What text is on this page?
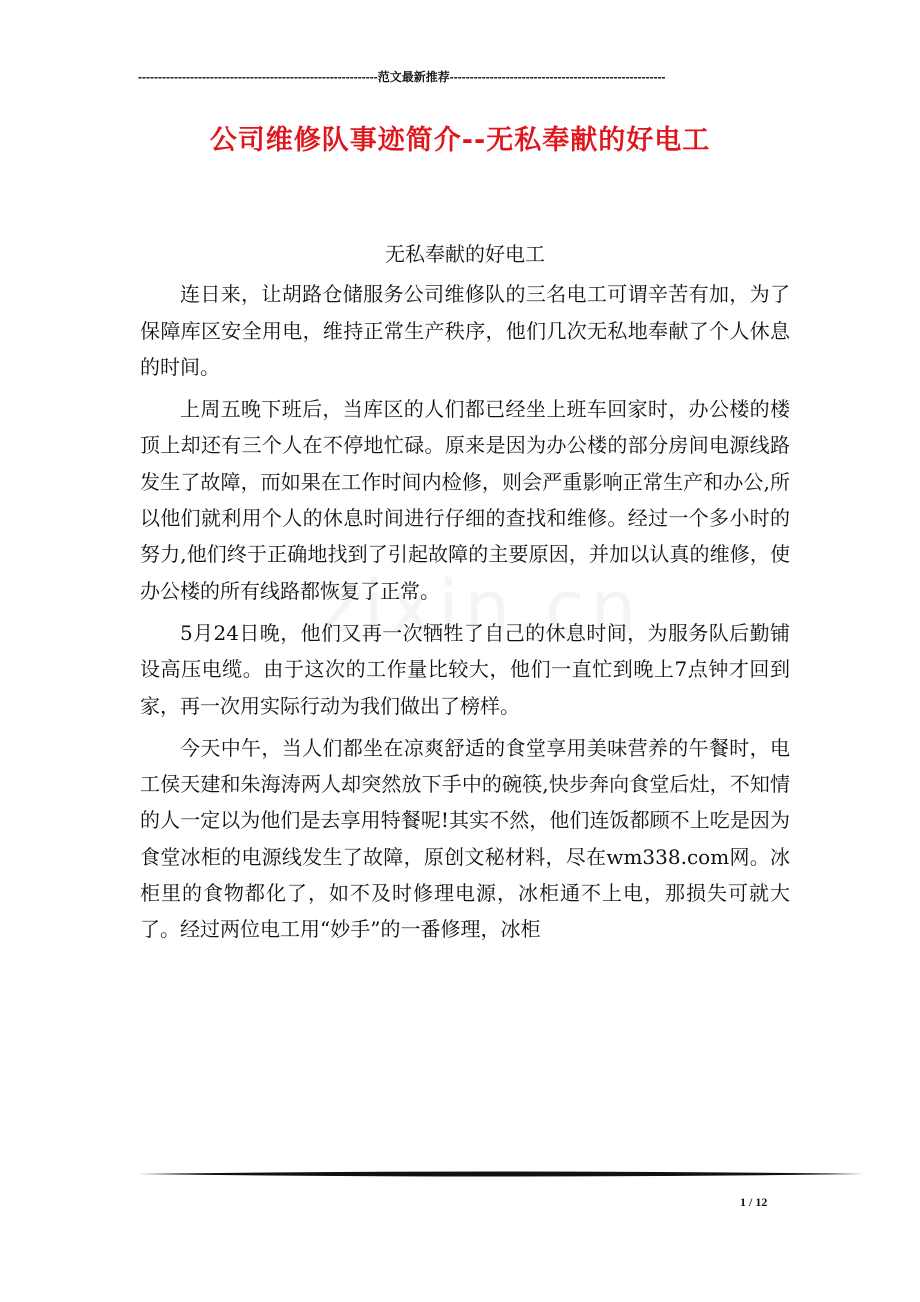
------------------------------------------------------------范文最新推荐------------------------------------------------------
公司维修队事迹简介--无私奉献的好电工

无私奉献的好电工

连日来，让胡路仓储服务公司维修队的三名电工可谓辛苦有加，为了保障库区安全用电，维持正常生产秩序，他们几次无私地奉献了个人休息的时间。

上周五晚下班后，当库区的人们都已经坐上班车回家时，办公楼的楼顶上却还有三个人在不停地忙碌。原来是因为办公楼的部分房间电源线路发生了故障，而如果在工作时间内检修，则会严重影响正常生产和办公,所以他们就利用个人的休息时间进行仔细的查找和维修。经过一个多小时的努力,他们终于正确地找到了引起故障的主要原因，并加以认真的维修，使办公楼的所有线路都恢复了正常。

5月24日晚，他们又再一次牺牲了自己的休息时间，为服务队后勤铺设高压电缆。由于这次的工作量比较大，他们一直忙到晚上7点钟才回到家，再一次用实际行动为我们做出了榜样。

今天中午，当人们都坐在凉爽舒适的食堂享用美味营养的午餐时，电工侯天建和朱海涛两人却突然放下手中的碗筷,快步奔向食堂后灶，不知情的人一定以为他们是去享用特餐呢!其实不然，他们连饭都顾不上吃是因为食堂冰柜的电源线发生了故障，原创文秘材料，尽在wm338.com网。冰柜里的食物都化了，如不及时修理电源，冰柜通不上电，那损失可就大了。经过两位电工用“妙手”的一番修理，冰柜

1 / 12
